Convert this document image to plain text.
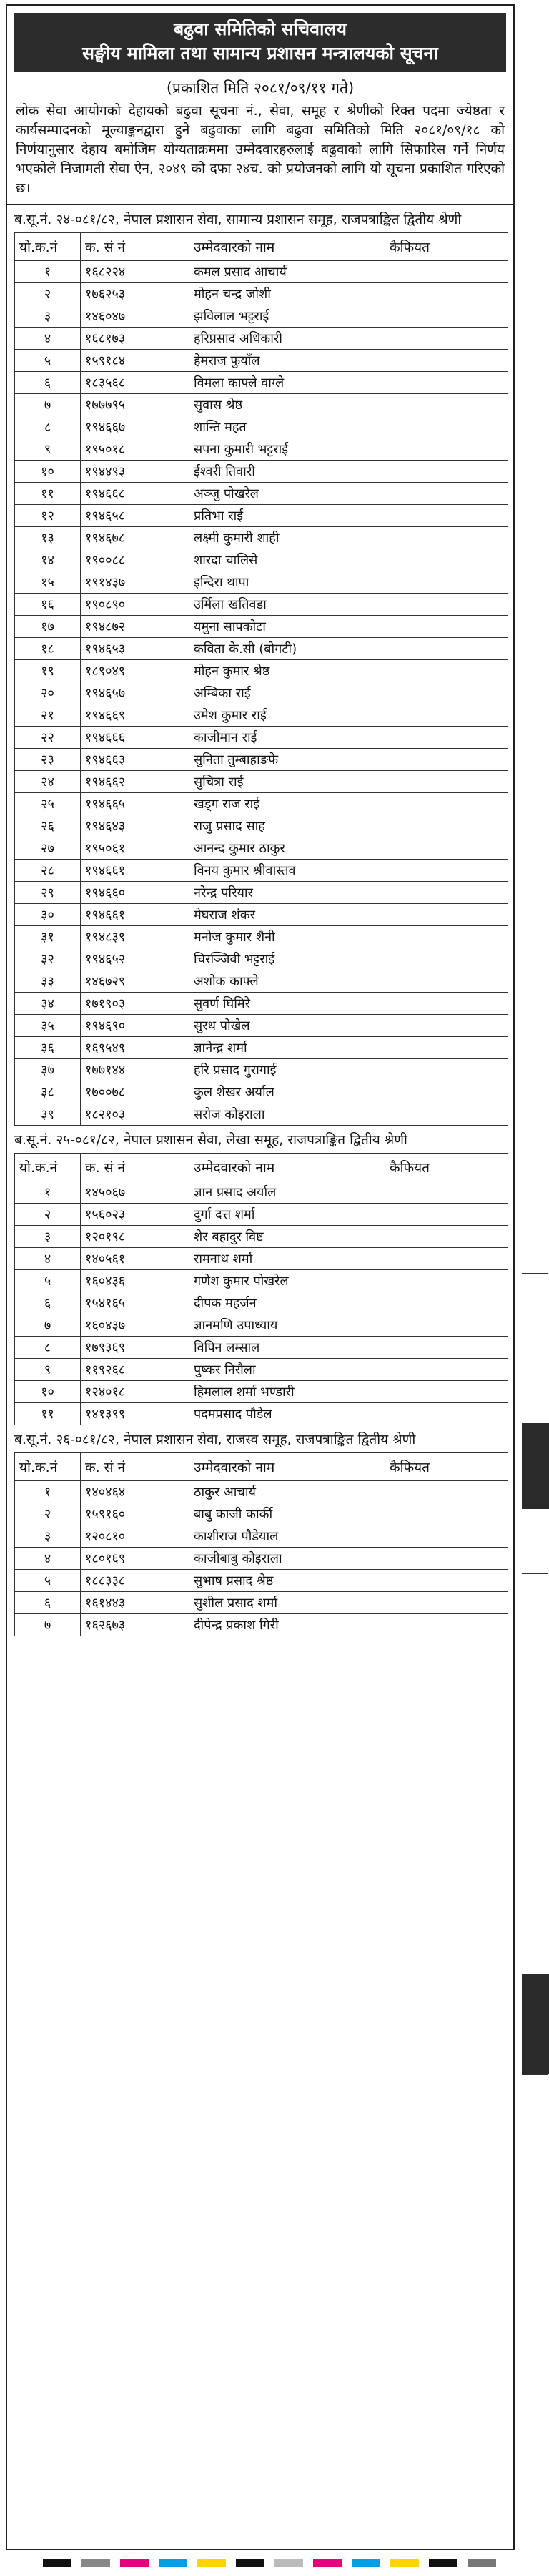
बढुवा समितिको सचिवालय
सङ्घीय मामिला तथा सामान्य प्रशासन मन्त्रालयको सूचना
(प्रकाशित मिति २०८१/०९/११ गते)
लोक सेवा आयोगको देहायको बढुवा सूचना नं., सेवा, समूह र श्रेणीको रिक्त पदमा ज्येष्ठता र कार्यसम्पादनको मूल्याङ्कनद्वारा हुने बढुवाका लागि बढुवा समितिको मिति २०८१/०९/१८ को निर्णयानुसार देहाय बमोजिम योग्यताक्रममा उम्मेदवारहरुलाई बढुवाको लागि सिफारिस गर्ने निर्णय भएकोले निजामती सेवा ऐन, २०४९ को दफा २४च. को प्रयोजनको लागि यो सूचना प्रकाशित गरिएको छ।
ब.सू.नं. २४-०८१/८२, नेपाल प्रशासन सेवा, सामान्य प्रशासन समूह, राजपत्राङ्कित द्वितीय श्रेणी
यो.क.नं	क. सं नं	उम्मेदवारको नाम	कैफियत
१	१६८२२४	कमल प्रसाद आचार्य	
२	१७६२५३	मोहन चन्द्र जोशी	
३	१४६०४७	झविलाल भट्टराई	
४	१६८१७३	हरिप्रसाद अधिकारी	
५	१५९१८४	हेमराज फुयाँल	
६	१८३५६८	विमला काफ्ले वाग्ले	
७	१७७७९५	सुवास श्रेष्ठ	
८	१९४६६७	शान्ति महत	
९	१९५०१८	सपना कुमारी भट्टराई	
१०	१९४४९३	ईश्वरी तिवारी	
११	१९४६६८	अञ्जु पोखरेल	
१२	१९४६५८	प्रतिभा राई	
१३	१९४६७८	लक्ष्मी कुमारी शाही	
१४	१९००८८	शारदा चालिसे	
१५	१९१४३७	इन्दिरा थापा	
१६	१९०८९०	उर्मिला खतिवडा	
१७	१९४८७२	यमुना सापकोटा	
१८	१९४६५३	कविता के.सी (बोगटी)	
१९	१८९०४९	मोहन कुमार श्रेष्ठ	
२०	१९४६५७	अम्बिका राई	
२१	१९४६६९	उमेश कुमार राई	
२२	१९४६६६	काजीमान राई	
२३	१९४६६३	सुनिता तुम्बाहाङफे	
२४	१९४६६२	सुचित्रा राई	
२५	१९४६६५	खड्ग राज राई	
२६	१९४६४३	राजु प्रसाद साह	
२७	१९५०६१	आनन्द कुमार ठाकुर	
२८	१९४६६१	विनय कुमार श्रीवास्तव	
२९	१९४६६०	नरेन्द्र परियार	
३०	१९४६६१	मेघराज शंकर	
३१	१९४८३९	मनोज कुमार शैनी	
३२	१९४६५२	चिरञ्जिवी भट्टराई	
३३	१४६७२९	अशोक काफ्ले	
३४	१७१९०३	सुवर्ण घिमिरे	
३५	१९४६९०	सुरथ पोखेल	
३६	१६९५४९	ज्ञानेन्द्र शर्मा	
३७	१७७१४४	हरि प्रसाद गुरागाई	
३८	१७००७८	कुल शेखर अर्याल	
३९	१८२१०३	सरोज कोइराला	
ब.सू.नं. २५-०८१/८२, नेपाल प्रशासन सेवा, लेखा समूह, राजपत्राङ्कित द्वितीय श्रेणी
यो.क.नं	क. सं नं	उम्मेदवारको नाम	कैफियत
१	१४५०६७	ज्ञान प्रसाद अर्याल	
२	१५६०२३	दुर्गा दत्त शर्मा	
३	१२०१९८	शेर बहादुर विष्ट	
४	१४०५६१	रामनाथ शर्मा	
५	१६०४३६	गणेश कुमार पोखरेल	
६	१५४१६५	दीपक महर्जन	
७	१६०४३७	ज्ञानमणि उपाध्याय	
८	१७९३६९	विपिन लम्साल	
९	११९२६८	पुष्कर निरौला	
१०	१२४०१८	हिमलाल शर्मा भण्डारी	
११	१४१३९९	पदमप्रसाद पौडेल	
ब.सू.नं. २६-०८१/८२, नेपाल प्रशासन सेवा, राजस्व समूह, राजपत्राङ्कित द्वितीय श्रेणी
यो.क.नं	क. सं नं	उम्मेदवारको नाम	कैफियत
१	१४०४६४	ठाकुर आचार्य	
२	१५९१६०	बाबु काजी कार्की	
३	१२०८१०	काशीराज पौडेयाल	
४	१८०१६९	काजीबाबु कोइराला	
५	१८८३३८	सुभाष प्रसाद श्रेष्ठ	
६	१६१४४३	सुशील प्रसाद शर्मा	
७	१६२६७३	दीपेन्द्र प्रकाश गिरी	
